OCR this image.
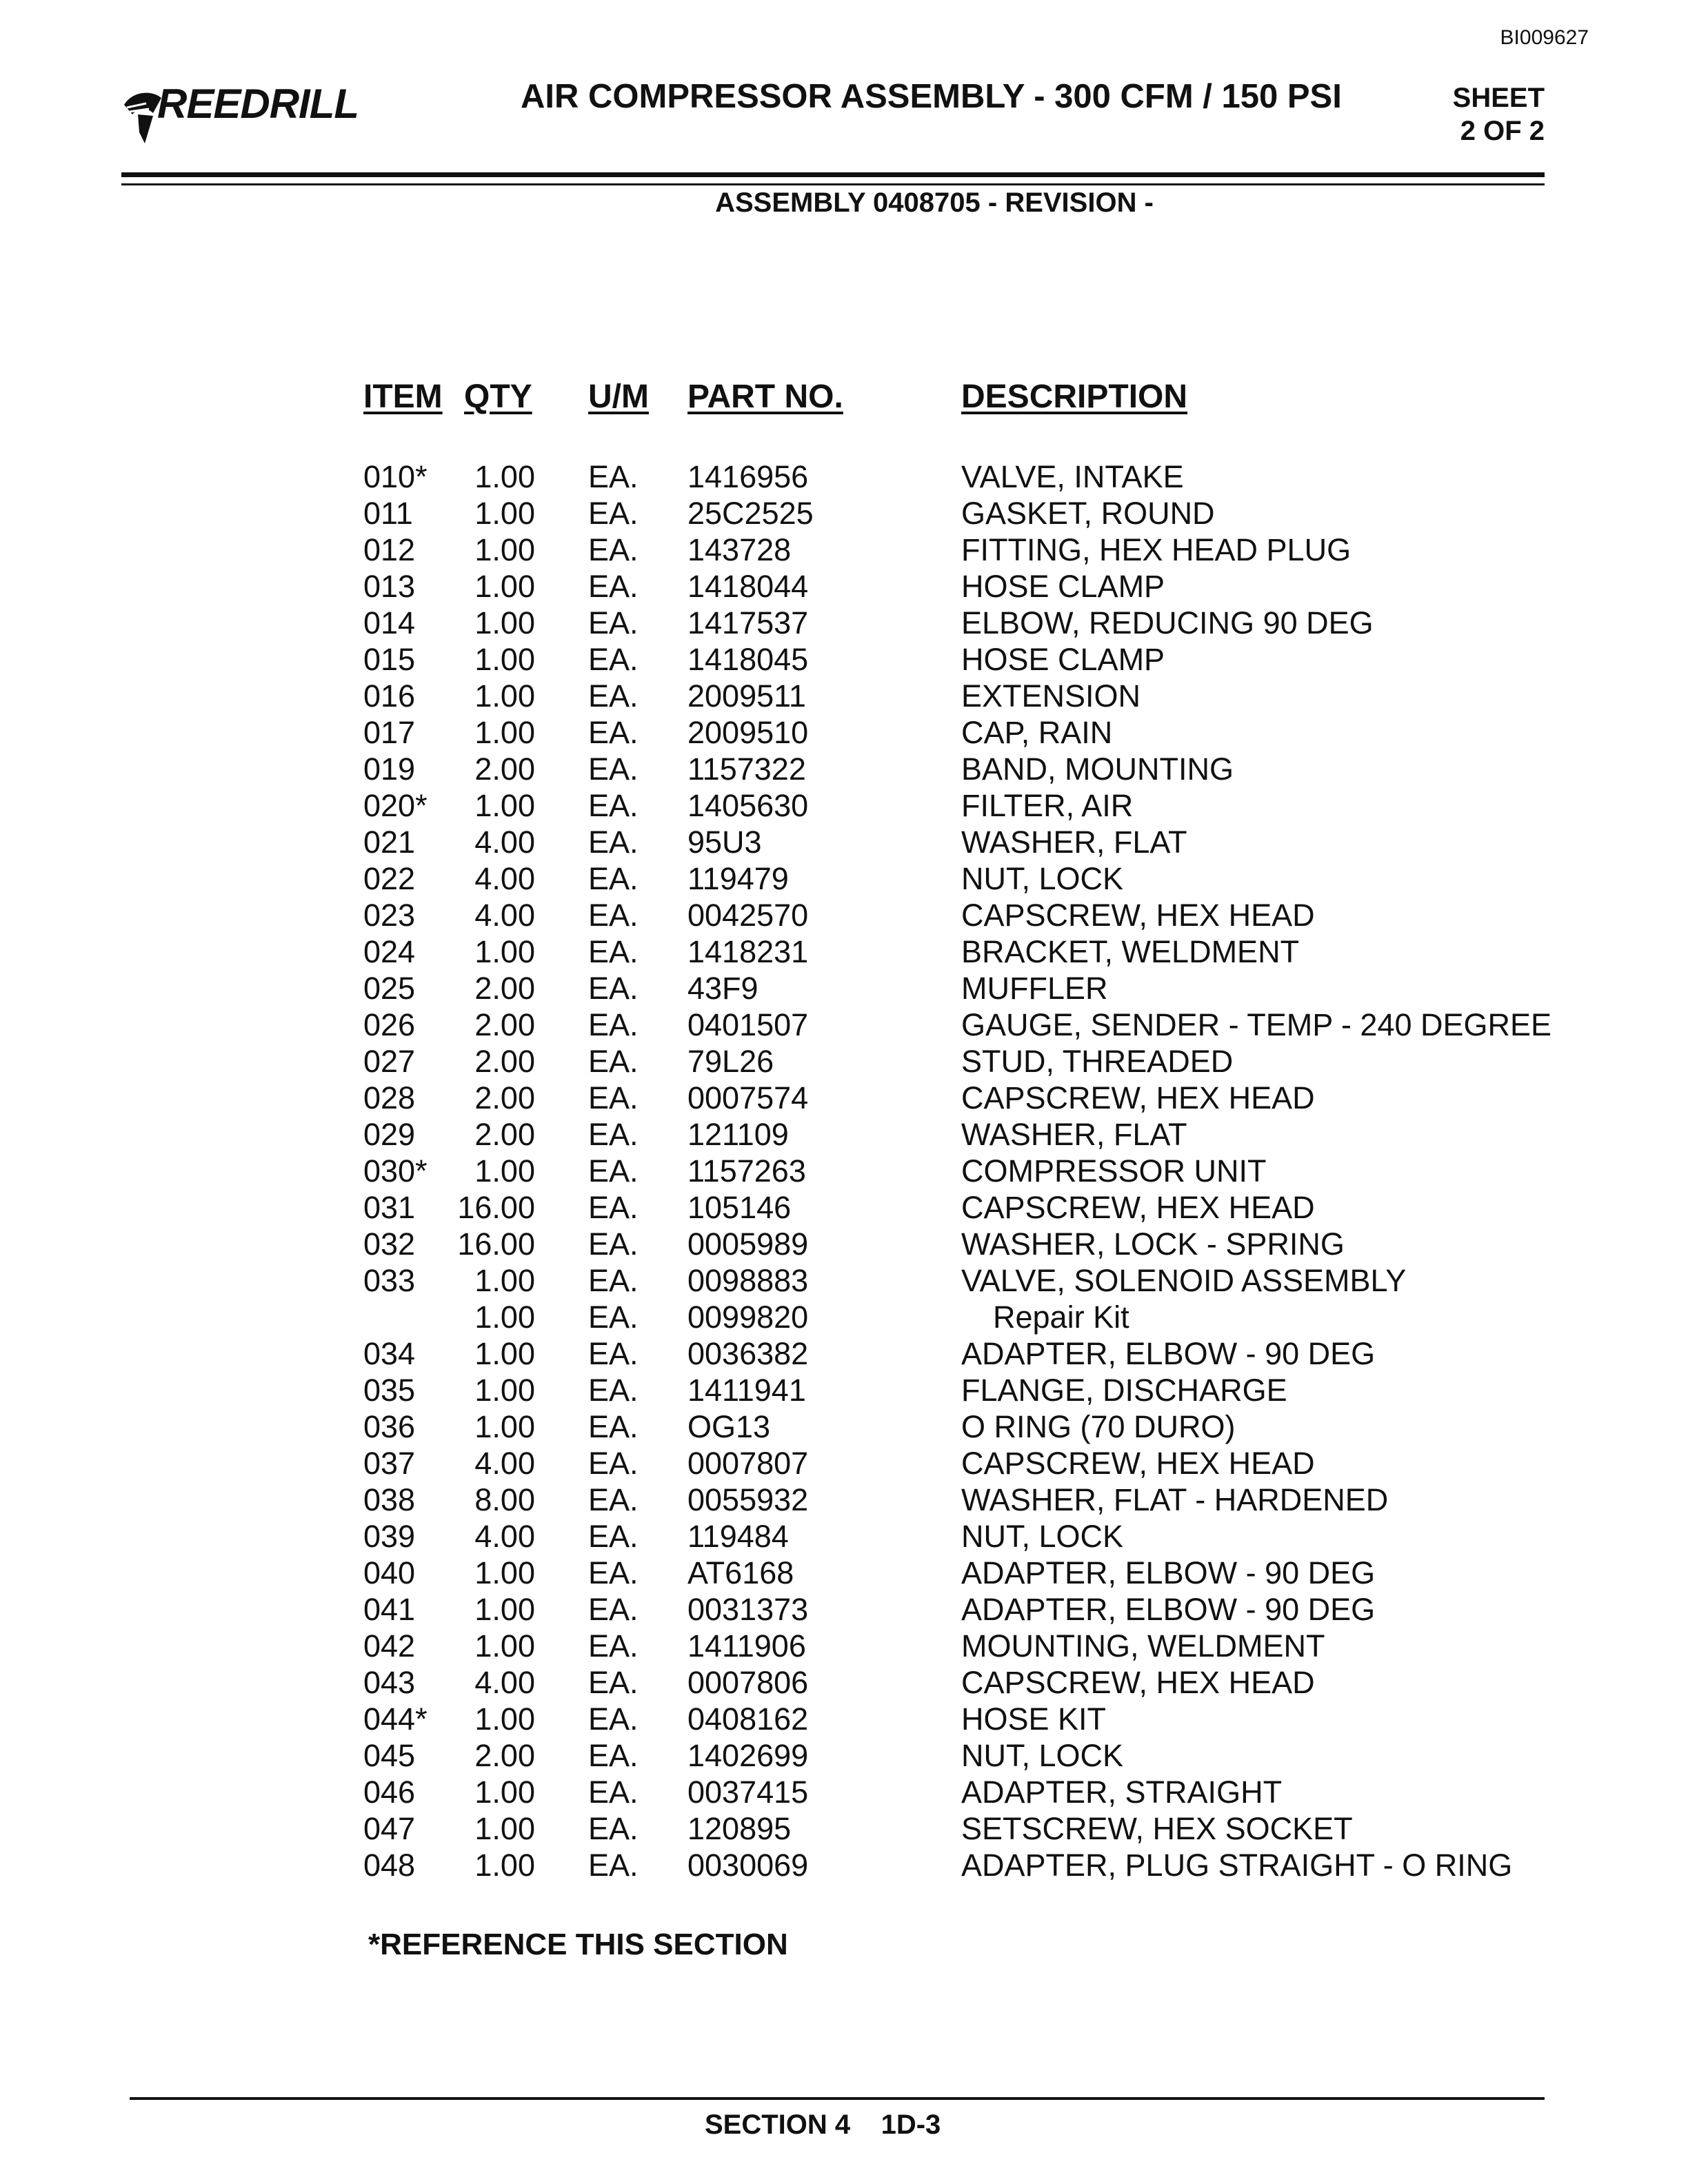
BI009627
REEDRILL	AIR COMPRESSOR ASSEMBLY - 300 CFM / 150 PSI	SHEET
2 OF 2
ASSEMBLY 0408705 - REVISION -
ITEM QTY U/M PART NO.	DESCRIPTION
010*	1.00 EA. 1416956	VALVE, INTAKE
011	1.00 EA. 25C2525	GASKET, ROUND
012	1.00 EA. 143728	FITTING, HEX HEAD PLUG
013	1.00 EA. 1418044	HOSE CLAMP
014	1.00 EA. 1417537	ELBOW, REDUCING 90 DEG
015	1.00 EA. 1418045	HOSE CLAMP
016	1.00 EA. 2009511	EXTENSION
017	1.00 EA. 2009510	CAP, RAIN
019	2.00 EA. 1157322	BAND, MOUNTING
020*	1.00 EA. 1405630	FILTER, AIR
021	4.00 EA. 95U3	WASHER, FLAT
022	4.00 EA. 119479	NUT, LOCK
023	4.00 EA. 0042570	CAPSCREW, HEX HEAD
024	1.00 EA. 1418231	BRACKET, WELDMENT
025	2.00 EA. 43F9	MUFFLER
026	2.00 EA. 0401507	GAUGE, SENDER - TEMP - 240 DEGREE
027	2.00 EA. 79L26	STUD, THREADED
028	2.00 EA. 0007574	CAPSCREW, HEX HEAD
029	2.00 EA. 121109	WASHER, FLAT
030*	1.00 EA. 1157263	COMPRESSOR UNIT
031 16.00 EA. 105146	CAPSCREW, HEX HEAD
032 16.00 EA. 0005989	WASHER, LOCK - SPRING
033	1.00 EA. 0098883	VALVE, SOLENOID ASSEMBLY
1.00 EA. 0099820	Repair Kit
034	1.00 EA. 0036382	ADAPTER, ELBOW - 90 DEG
035	1.00 EA. 1411941	FLANGE, DISCHARGE
036	1.00 EA. OG13	O RING (70 DURO)
037	4.00 EA. 0007807	CAPSCREW, HEX HEAD
038	8.00 EA. 0055932	WASHER, FLAT - HARDENED
039	4.00 EA. 119484	NUT, LOCK
040	1.00 EA. AT6168	ADAPTER, ELBOW - 90 DEG
041	1.00 EA. 0031373	ADAPTER, ELBOW - 90 DEG
042	1.00 EA. 1411906	MOUNTING, WELDMENT
043	4.00 EA. 0007806	CAPSCREW, HEX HEAD
044*	1.00 EA. 0408162	HOSE KIT
045	2.00 EA. 1402699	NUT, LOCK
046	1.00 EA. 0037415	ADAPTER, STRAIGHT
047	1.00 EA. 120895	SETSCREW, HEX SOCKET
048	1.00 EA. 0030069	ADAPTER, PLUG STRAIGHT - O RING
*REFERENCE THIS SECTION
SECTION 4    1D-3
